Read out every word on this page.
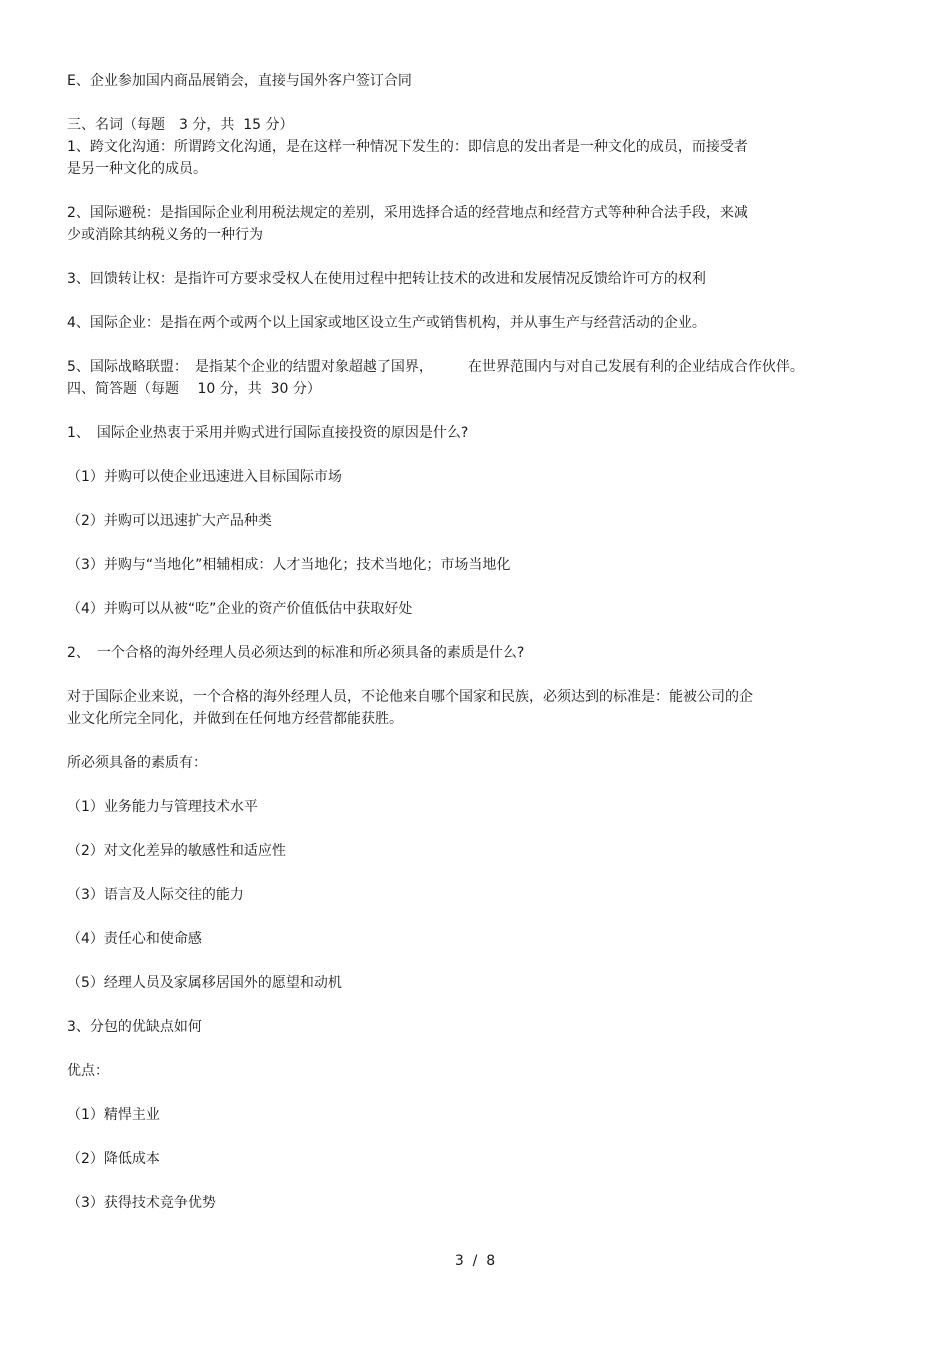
E、企业参加国内商品展销会，直接与国外客户签订合同

三、名词（每题　3 分，共  15 分）

1、跨文化沟通：所谓跨文化沟通，是在这样一种情况下发生的：即信息的发出者是一种文化的成员，而接受者

是另一种文化的成员。

2、国际避税：是指国际企业利用税法规定的差别，采用选择合适的经营地点和经营方式等种种合法手段，来减

少或消除其纳税义务的一种行为

3、回馈转让权：是指许可方要求受权人在使用过程中把转让技术的改进和发展情况反馈给许可方的权利

4、国际企业：是指在两个或两个以上国家或地区设立生产或销售机构，并从事生产与经营活动的企业。

5、国际战略联盟：　是指某个企业的结盟对象超越了国界，　　　在世界范围内与对自己发展有利的企业结成合作伙伴。

四、简答题（每题　 10 分，共  30 分）

1、　国际企业热衷于采用并购式进行国际直接投资的原因是什么?

（1）并购可以使企业迅速进入目标国际市场

（2）并购可以迅速扩大产品种类

（3）并购与“当地化”相辅相成：人才当地化；技术当地化；市场当地化

（4）并购可以从被“吃”企业的资产价值低估中获取好处

2、　一个合格的海外经理人员必须达到的标准和所必须具备的素质是什么?

对于国际企业来说，一个合格的海外经理人员，不论他来自哪个国家和民族，必须达到的标准是：能被公司的企

业文化所完全同化，并做到在任何地方经营都能获胜。

所必须具备的素质有：

（1）业务能力与管理技术水平

（2）对文化差异的敏感性和适应性

（3）语言及人际交往的能力

（4）责任心和使命感

（5）经理人员及家属移居国外的愿望和动机

3、分包的优缺点如何

优点：

（1）精悍主业

（2）降低成本

（3）获得技术竞争优势

3  /  8
